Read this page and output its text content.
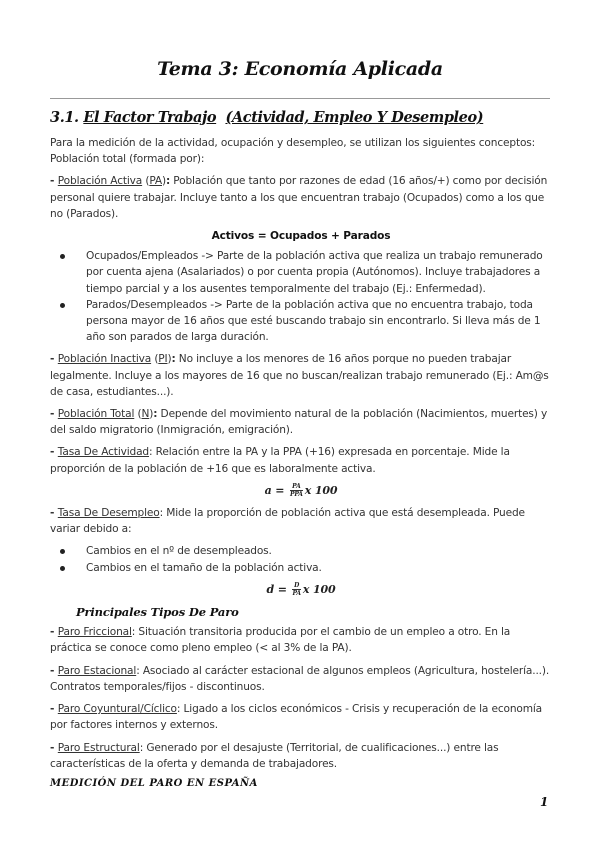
Tema 3: Economía Aplicada
3.1. El Factor Trabajo (Actividad, Empleo Y Desempleo)

Para la medición de la actividad, ocupación y desempleo, se utilizan los siguientes conceptos: Población total (formada por):

- Población Activa (PA): Población que tanto por razones de edad (16 años/+) como por decisión personal quiere trabajar. Incluye tanto a los que encuentran trabajo (Ocupados) como a los que no (Parados).

Activos = Ocupados + Parados

Ocupados/Empleados -> Parte de la población activa que realiza un trabajo remunerado por cuenta ajena (Asalariados) o por cuenta propia (Autónomos). Incluye trabajadores a tiempo parcial y a los ausentes temporalmente del trabajo (Ej.: Enfermedad).
Parados/Desempleados -> Parte de la población activa que no encuentra trabajo, toda persona mayor de 16 años que esté buscando trabajo sin encontrarlo. Si lleva más de 1 año son parados de larga duración.

- Población Inactiva (PI): No incluye a los menores de 16 años porque no pueden trabajar legalmente. Incluye a los mayores de 16 que no buscan/realizan trabajo remunerado (Ej.: Am@s de casa, estudiantes...).

- Población Total (N): Depende del movimiento natural de la población (Nacimientos, muertes) y del saldo migratorio (Inmigración, emigración).

- Tasa De Actividad: Relación entre la PA y la PPA (+16) expresada en porcentaje. Mide la proporción de la población de +16 que es laboralmente activa.

$a = \frac{PA}{\text{PPA}}$ x 100

- Tasa De Desempleo: Mide la proporción de población activa que está desempleada. Puede variar debido a:

Cambios en el nº de desempleados.
Cambios en el tamaño de la población activa.
$d = \frac{D}{PA}$ x 100
Principales Tipos De Paro

- Paro Friccional: Situación transitoria producida por el cambio de un empleo a otro. En la práctica se conoce como pleno empleo (< al 3% de la PA).

- Paro Estacional: Asociado al carácter estacional de algunos empleos (Agricultura, hostelería...). Contratos temporales/fijos - discontinuos.

- Paro Coyuntural/Cíclico: Ligado a los ciclos económicos - Crisis y recuperación de la economía por factores internos y externos.

- Paro Estructural: Generado por el desajuste (Territorial, de cualificaciones...) entre las características de la oferta y demanda de trabajadores.

MEDICIÓN DEL PARO EN ESPAÑA
1
